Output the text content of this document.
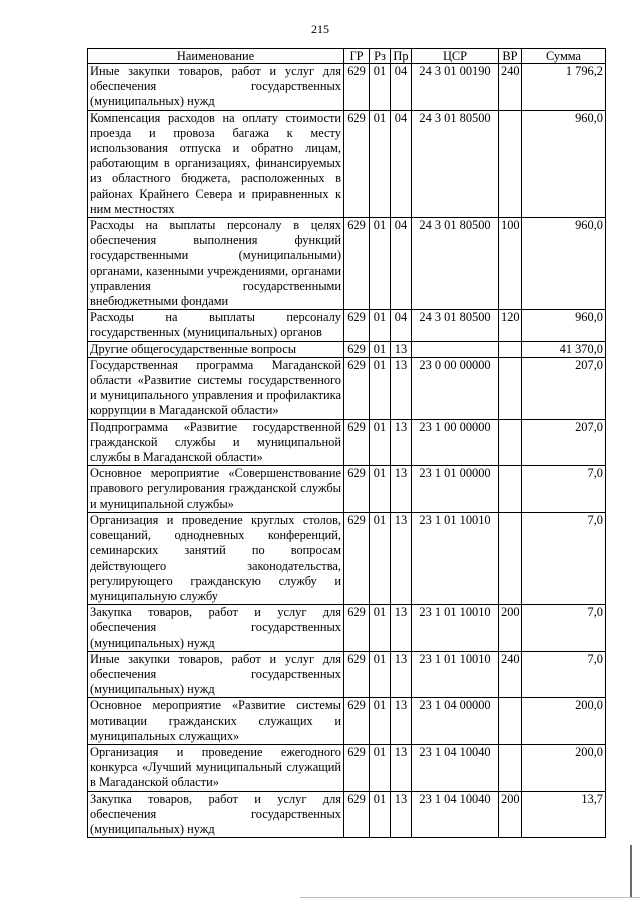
215
Наименование	ГР	Рз	Пр	ЦСР	ВР	Сумма
Иные закупки товаров, работ и услуг для обеспечения государственных (муниципальных) нужд	629	01	04	24 3 01 00190	240	1 796,2
Компенсация расходов на оплату стоимости проезда и провоза багажа к месту использования отпуска и обратно лицам, работающим в организациях, финансируемых из областного бюджета, расположенных в районах Крайнего Севера и приравненных к ним местностях	629	01	04	24 3 01 80500		960,0
Расходы на выплаты персоналу в целях обеспечения выполнения функций государственными (муниципальными) органами, казенными учреждениями, органами управления государственными внебюджетными фондами	629	01	04	24 3 01 80500	100	960,0
Расходы на выплаты персоналу государственных (муниципальных) органов	629	01	04	24 3 01 80500	120	960,0
Другие общегосударственные вопросы	629	01	13			41 370,0
Государственная программа Магаданской области «Развитие системы государственного и муниципального управления и профилактика коррупции в Магаданской области»	629	01	13	23 0 00 00000		207,0
Подпрограмма «Развитие государственной гражданской службы и муниципальной службы в Магаданской области»	629	01	13	23 1 00 00000		207,0
Основное мероприятие «Совершенствование правового регулирования гражданской службы и муниципальной службы»	629	01	13	23 1 01 00000		7,0
Организация и проведение круглых столов, совещаний, однодневных конференций, семинарских занятий по вопросам действующего законодательства, регулирующего гражданскую службу и муниципальную службу	629	01	13	23 1 01 10010		7,0
Закупка товаров, работ и услуг для обеспечения государственных (муниципальных) нужд	629	01	13	23 1 01 10010	200	7,0
Иные закупки товаров, работ и услуг для обеспечения государственных (муниципальных) нужд	629	01	13	23 1 01 10010	240	7,0
Основное мероприятие «Развитие системы мотивации гражданских служащих и муниципальных служащих»	629	01	13	23 1 04 00000		200,0
Организация и проведение ежегодного конкурса «Лучший муниципальный служащий в Магаданской области»	629	01	13	23 1 04 10040		200,0
Закупка товаров, работ и услуг для обеспечения государственных (муниципальных) нужд	629	01	13	23 1 04 10040	200	13,7
